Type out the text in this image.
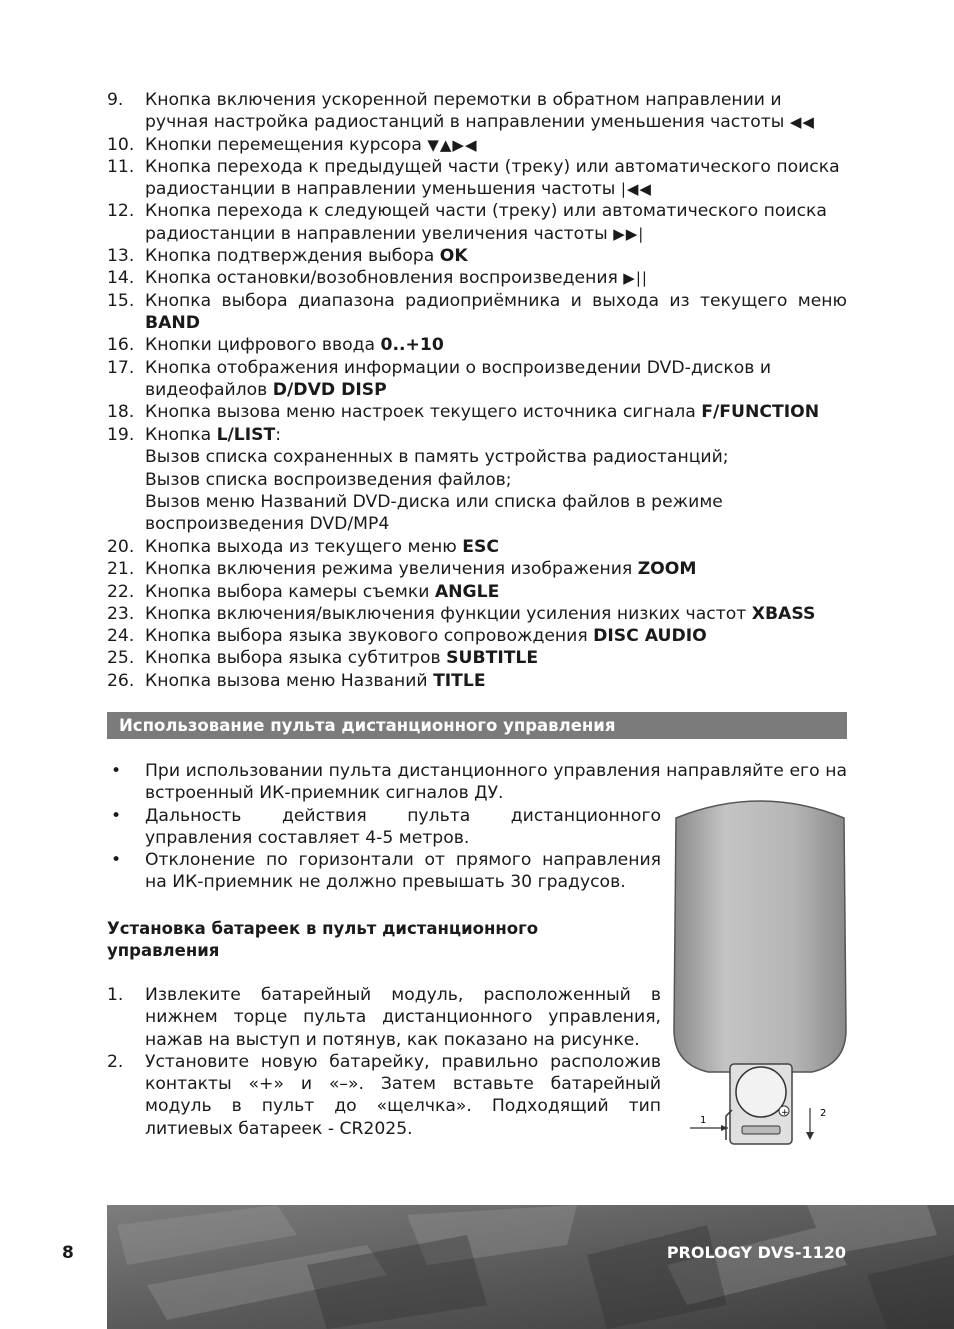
9. Кнопка включения ускоренной перемотки в обратном направлении и ручная настройка радиостанций в направлении уменьшения частоты ◀◀
10. Кнопки перемещения курсора ▼▲▶◀
11. Кнопка перехода к предыдущей части (треку) или автоматического поиска радиостанции в направлении уменьшения частоты |◀◀
12. Кнопка перехода к следующей части (треку) или автоматического поиска радиостанции в направлении увеличения частоты ▶▶|
13. Кнопка подтверждения выбора OK
14. Кнопка остановки/возобновления воспроизведения ▶||
15. Кнопка выбора диапазона радиоприёмника и выхода из текущего меню BAND
16. Кнопки цифрового ввода 0..+10
17. Кнопка отображения информации о воспроизведении DVD-дисков и видеофайлов D/DVD DISP
18. Кнопка вызова меню настроек текущего источника сигнала F/FUNCTION
19. Кнопка L/LIST:
Вызов списка сохраненных в память устройства радиостанций;
Вызов списка воспроизведения файлов;
Вызов меню Названий DVD-диска или списка файлов в режиме воспроизведения DVD/MP4
20. Кнопка выхода из текущего меню ESC
21. Кнопка включения режима увеличения изображения ZOOM
22. Кнопка выбора камеры съемки ANGLE
23. Кнопка включения/выключения функции усиления низких частот XBASS
24. Кнопка выбора языка звукового сопровождения DISC AUDIO
25. Кнопка выбора языка субтитров SUBTITLE
26. Кнопка вызова меню Названий TITLE
Использование пульта дистанционного управления
• При использовании пульта дистанционного управления направляйте его на встроенный ИК-приемник сигналов ДУ.
• Дальность действия пульта дистанционного управления составляет 4-5 метров.
• Отклонение по горизонтали от прямого направления на ИК-приемник не должно превышать 30 градусов.
Установка батареек в пульт дистанционного управления
1. Извлеките батарейный модуль, расположенный в нижнем торце пульта дистанционного управления, нажав на выступ и потянув, как показано на рисунке.
2. Установите новую батарейку, правильно расположив контакты «+» и «–». Затем вставьте батарейный модуль в пульт до «щелчка». Подходящий тип литиевых батареек - CR2025.
+
1
2
8	PROLOGY DVS-1120
